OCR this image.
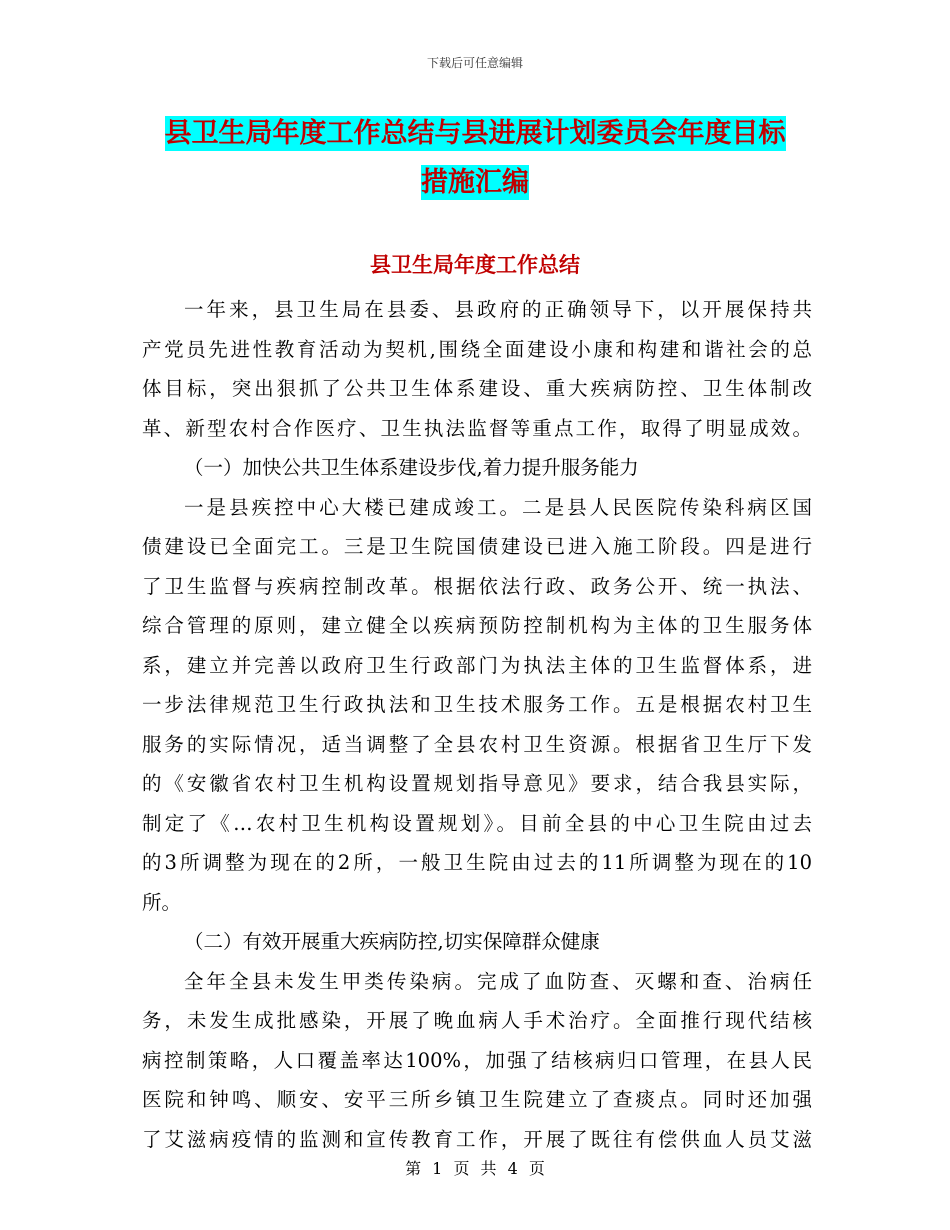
下载后可任意编辑
县卫生局年度工作总结与县进展计划委员会年度目标
措施汇编
县卫生局年度工作总结
一年来，县卫生局在县委、县政府的正确领导下，以开展保持共
产党员先进性教育活动为契机,围绕全面建设小康和构建和谐社会的总
体目标，突出狠抓了公共卫生体系建设、重大疾病防控、卫生体制改
革、新型农村合作医疗、卫生执法监督等重点工作，取得了明显成效。
（一）加快公共卫生体系建设步伐,着力提升服务能力
一是县疾控中心大楼已建成竣工。二是县人民医院传染科病区国
债建设已全面完工。三是卫生院国债建设已进入施工阶段。四是进行
了卫生监督与疾病控制改革。根据依法行政、政务公开、统一执法、
综合管理的原则，建立健全以疾病预防控制机构为主体的卫生服务体
系，建立并完善以政府卫生行政部门为执法主体的卫生监督体系，进
一步法律规范卫生行政执法和卫生技术服务工作。五是根据农村卫生
服务的实际情况，适当调整了全县农村卫生资源。根据省卫生厅下发
的《安徽省农村卫生机构设置规划指导意见》要求，结合我县实际，
制定了《…农村卫生机构设置规划》。目前全县的中心卫生院由过去
的3所调整为现在的2所，一般卫生院由过去的11所调整为现在的10
所。
（二）有效开展重大疾病防控,切实保障群众健康
全年全县未发生甲类传染病。完成了血防查、灭螺和查、治病任
务，未发生成批感染，开展了晚血病人手术治疗。全面推行现代结核
病控制策略，人口覆盖率达100%，加强了结核病归口管理，在县人民
医院和钟鸣、顺安、安平三所乡镇卫生院建立了查痰点。同时还加强
了艾滋病疫情的监测和宣传教育工作，开展了既往有偿供血人员艾滋
第 1 页 共 4 页
